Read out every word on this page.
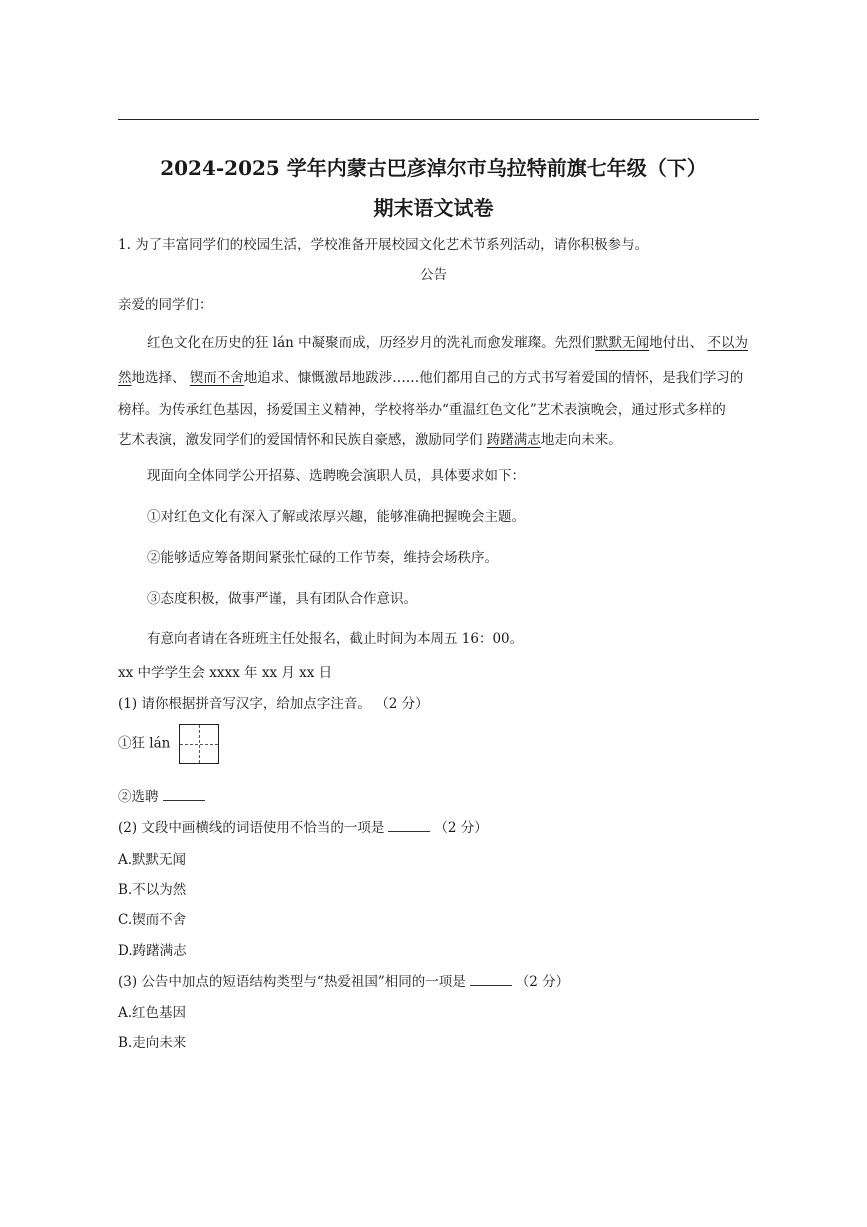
2024-2025 学年内蒙古巴彦淖尔市乌拉特前旗七年级（下）
期末语文试卷
1. 为了丰富同学们的校园生活，学校准备开展校园文化艺术节系列活动，请你积极参与。
公告
亲爱的同学们：
红色文化在历史的狂 lán 中凝聚而成，历经岁月的洗礼而愈发璀璨。先烈们默默无闻地付出、 不以为
然地选择、 锲而不舍地追求、慷慨激昂地跋涉……他们都用自己的方式书写着爱国的情怀，是我们学习的
榜样。为传承红色基因，扬爱国主义精神，学校将举办“重温红色文化”艺术表演晚会，通过形式多样的
艺术表演，激发同学们的爱国情怀和民族自豪感，激励同学们 踌躇满志地走向未来。
现面向全体同学公开招募、选聘晚会演职人员，具体要求如下：
①对红色文化有深入了解或浓厚兴趣，能够准确把握晚会主题。
②能够适应筹备期间紧张忙碌的工作节奏，维持会场秩序。
③态度积极，做事严谨，具有团队合作意识。
有意向者请在各班班主任处报名，截止时间为本周五 16：00。
xx 中学学生会 xxxx 年 xx 月 xx 日
(1) 请你根据拼音写汉字，给加点字注音。 （2 分）
①狂 lán
②选聘
(2) 文段中画横线的词语使用不恰当的一项是	（2 分）
A.默默无闻
B.不以为然
C.锲而不舍
D.踌躇满志
(3) 公告中加点的短语结构类型与“热爱祖国”相同的一项是	（2 分）
A.红色基因
B.走向未来
